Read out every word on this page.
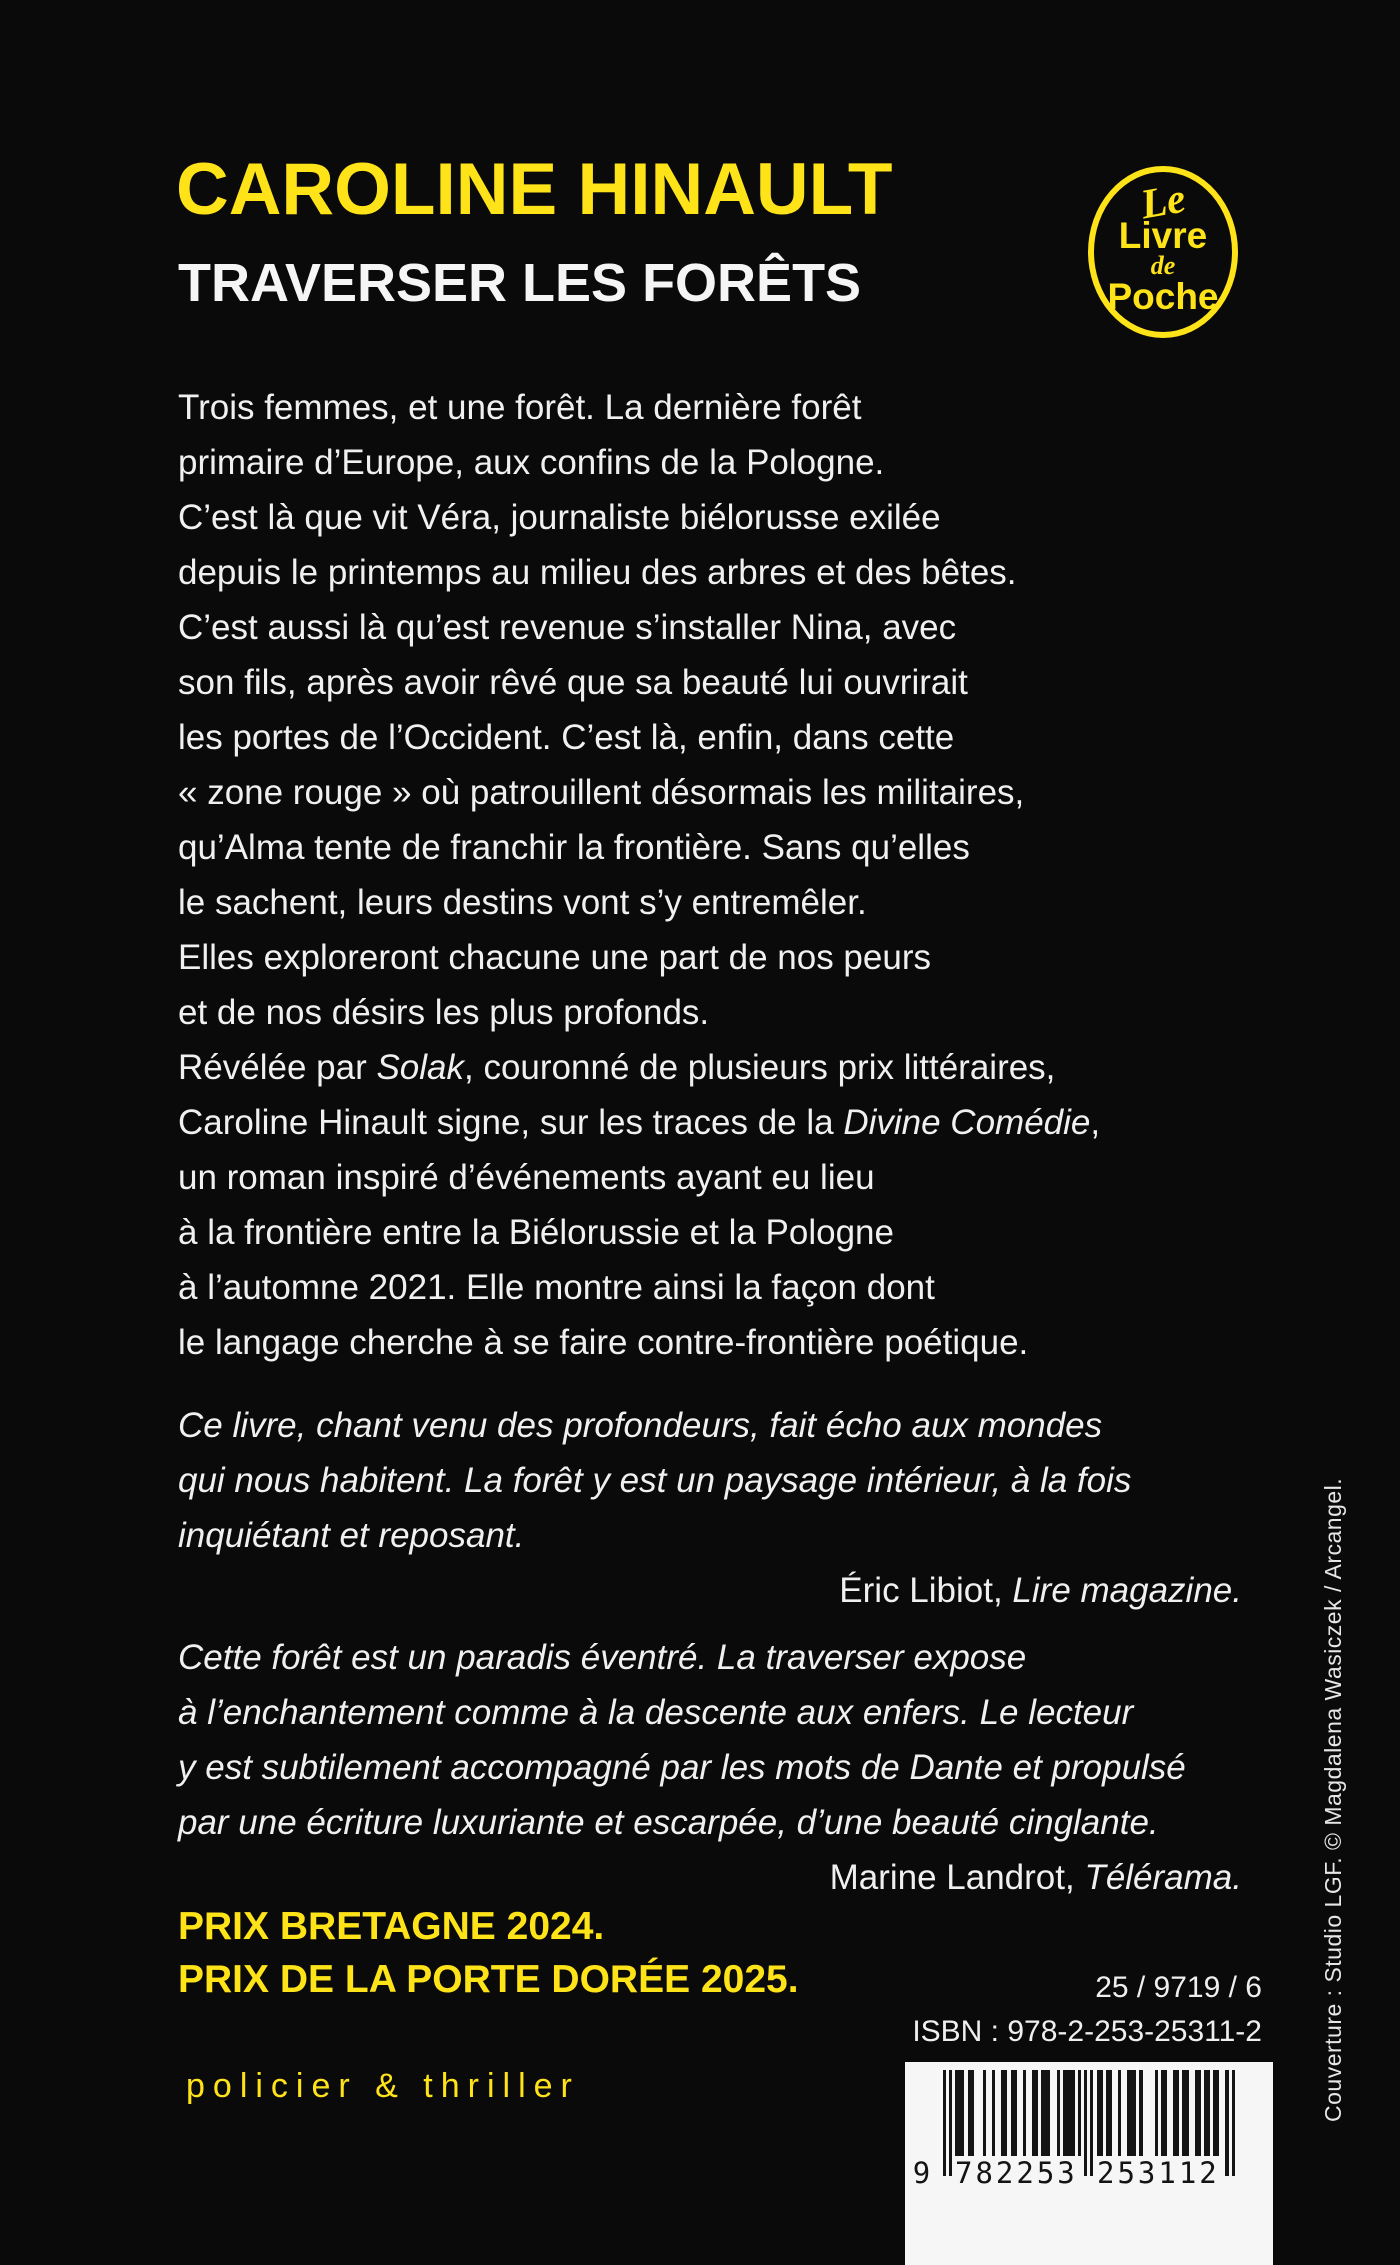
CAROLINE HINAULT
TRAVERSER LES FORÊTS
Le
Livre
de
Poche
Trois femmes, et une forêt. La dernière forêt
primaire d’Europe, aux confins de la Pologne.
C’est là que vit Véra, journaliste biélorusse exilée
depuis le printemps au milieu des arbres et des bêtes.
C’est aussi là qu’est revenue s’installer Nina, avec
son fils, après avoir rêvé que sa beauté lui ouvrirait
les portes de l’Occident. C’est là, enfin, dans cette
« zone rouge » où patrouillent désormais les militaires,
qu’Alma tente de franchir la frontière. Sans qu’elles
le sachent, leurs destins vont s’y entremêler.
Elles exploreront chacune une part de nos peurs
et de nos désirs les plus profonds.
Révélée par Solak, couronné de plusieurs prix littéraires,
Caroline Hinault signe, sur les traces de la Divine Comédie,
un roman inspiré d’événements ayant eu lieu
à la frontière entre la Biélorussie et la Pologne
à l’automne 2021. Elle montre ainsi la façon dont
le langage cherche à se faire contre-frontière poétique.
Ce livre, chant venu des profondeurs, fait écho aux mondes
qui nous habitent. La forêt y est un paysage intérieur, à la fois
inquiétant et reposant.
Éric Libiot, Lire magazine.
Cette forêt est un paradis éventré. La traverser expose
à l’enchantement comme à la descente aux enfers. Le lecteur
y est subtilement accompagné par les mots de Dante et propulsé
par une écriture luxuriante et escarpée, d’une beauté cinglante.
Marine Landrot, Télérama.
PRIX BRETAGNE 2024.
PRIX DE LA PORTE DORÉE 2025.
policier & thriller
25 / 9719 / 6
ISBN : 978-2-253-25311-2
9 782253 253112
Couverture : Studio LGF. © Magdalena Wasiczek / Arcangel.
